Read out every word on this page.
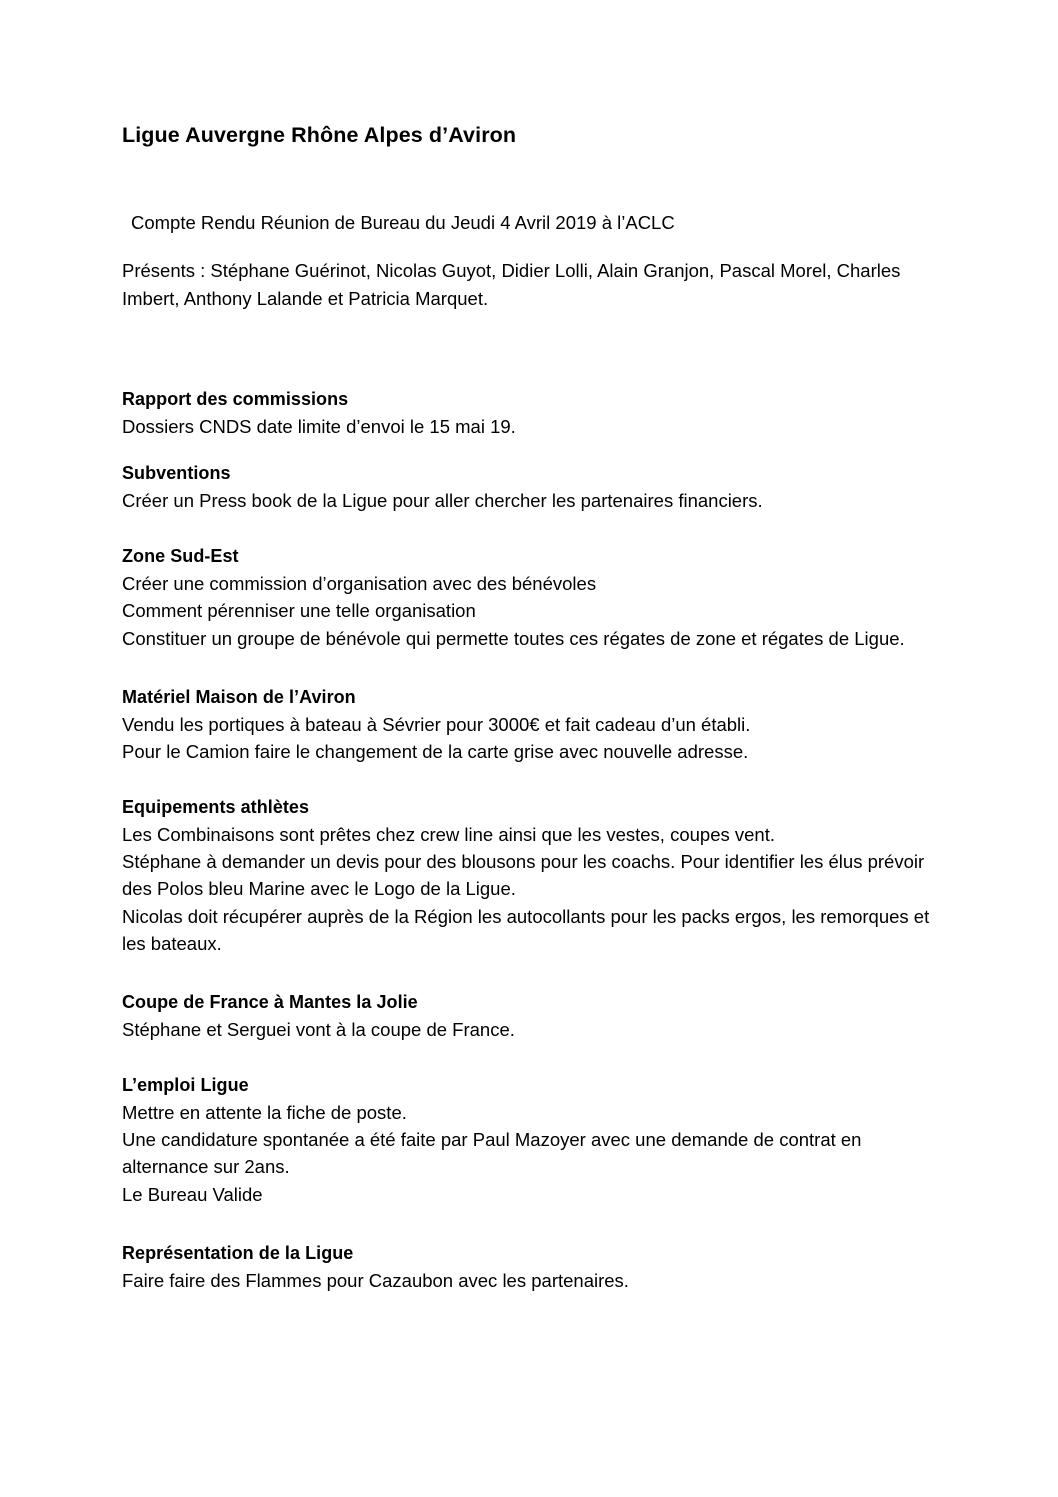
Ligue Auvergne Rhône Alpes d’Aviron

Compte Rendu Réunion de Bureau du Jeudi 4 Avril 2019 à l’ACLC

Présents : Stéphane Guérinot, Nicolas Guyot, Didier Lolli, Alain Granjon, Pascal Morel, Charles Imbert, Anthony Lalande et Patricia Marquet.

Rapport des commissions

Dossiers CNDS date limite d’envoi le 15 mai 19.

Subventions

Créer un Press book de la Ligue pour aller chercher les partenaires financiers.

Zone Sud-Est

Créer une commission d’organisation avec des bénévoles

Comment pérenniser une telle organisation

Constituer un groupe de bénévole qui permette toutes ces régates de zone et régates de Ligue.

Matériel Maison de l’Aviron

Vendu les portiques à bateau à Sévrier pour 3000€ et fait cadeau d’un établi.

Pour le Camion faire le changement de la carte grise avec nouvelle adresse.

Equipements athlètes

Les Combinaisons sont prêtes chez crew line ainsi que les vestes, coupes vent.

Stéphane à demander un devis pour des blousons pour les coachs. Pour identifier les élus prévoir des Polos bleu Marine avec le Logo de la Ligue.

Nicolas doit récupérer auprès de la Région les autocollants pour les packs ergos, les remorques et les bateaux.

Coupe de France à Mantes la Jolie

Stéphane et Serguei vont à la coupe de France.

L’emploi Ligue

Mettre en attente la fiche de poste.

Une candidature spontanée a été faite par Paul Mazoyer avec une demande de contrat en alternance sur 2ans.

Le Bureau Valide

Représentation de la Ligue

Faire faire des Flammes pour Cazaubon avec les partenaires.
